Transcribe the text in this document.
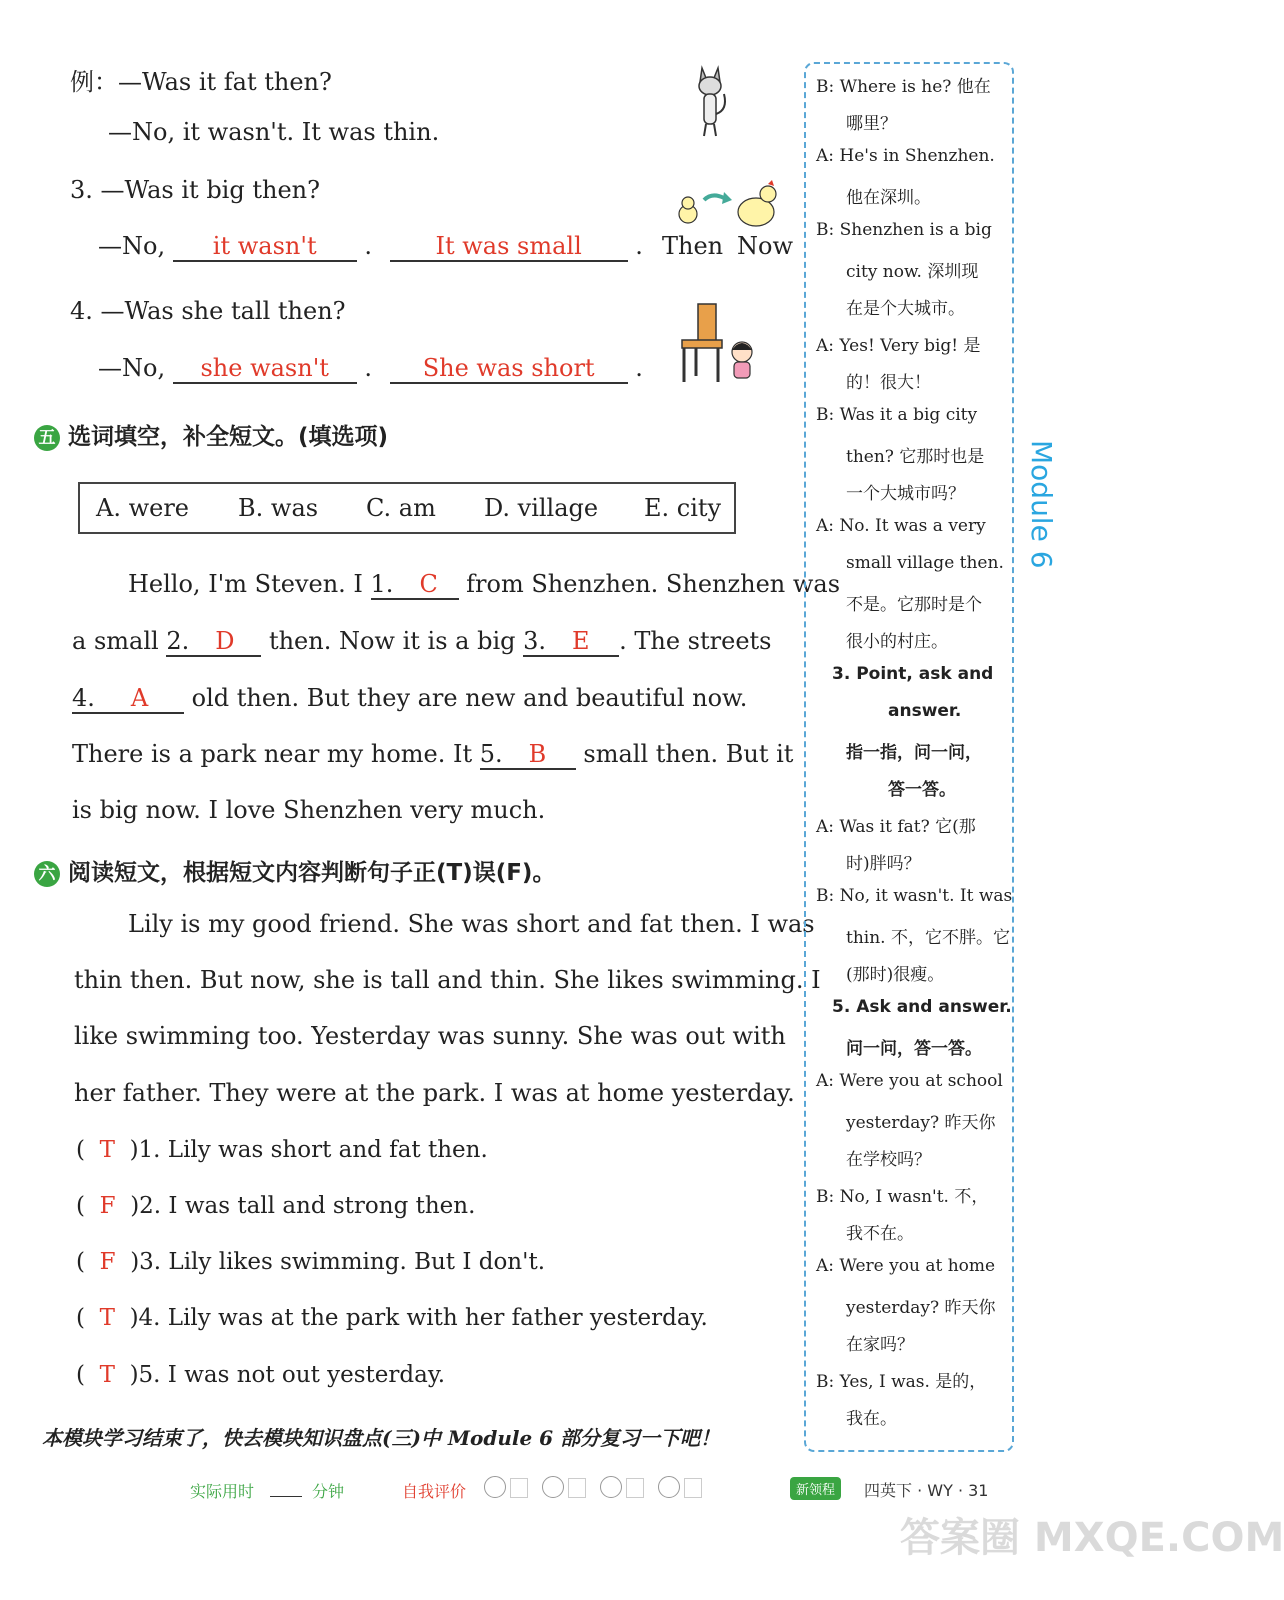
例：—Was it fat then?
—No, it wasn't. It was thin.
3. —Was it big then?
—No, it wasn't .	It was small . Then Now
4. —Was she tall then?
—No, she wasn't . She was short .
五 选词填空，补全短文。(填选项)
A. were B. was C. am D. village E. city
Hello, I'm Steven. I 1. C from Shenzhen. Shenzhen was
a small 2. D then. Now it is a big 3. E . The streets
4. A old then. But they are new and beautiful now.
There is a park near my home. It 5. B small then. But it
is big now. I love Shenzhen very much.
六 阅读短文，根据短文内容判断句子正(T)误(F)。
Lily is my good friend. She was short and fat then. I was
thin then. But now, she is tall and thin. She likes swimming. I
like swimming too. Yesterday was sunny. She was out with
her father. They were at the park. I was at home yesterday.
(  T )1. Lily was short and fat then.
(  F )2. I was tall and strong then.
(  F )3. Lily likes swimming. But I don't.
(  T )4. Lily was at the park with her father yesterday.
(  T )5. I was not out yesterday.
本模块学习结束了，快去模块知识盘点(三)中 Module 6 部分复习一下吧！
B: Where is he? 他在
哪里？
A: He's in Shenzhen.
他在深圳。
B: Shenzhen is a big
city now. 深圳现
在是个大城市。
A: Yes! Very big! 是
的！很大！
B: Was it a big city
then? 它那时也是
一个大城市吗？
A: No. It was a very
small village then.
不是。它那时是个
很小的村庄。
3. Point, ask and
answer.
指一指，问一问，
答一答。
A: Was it fat? 它(那
时)胖吗？
B: No, it wasn't. It was
thin. 不，它不胖。它
(那时)很瘦。
5. Ask and answer.
问一问，答一答。
A: Were you at school
yesterday? 昨天你
在学校吗？
B: No, I wasn't. 不，
我不在。
A: Were you at home
yesterday? 昨天你
在家吗？
B: Yes, I was. 是的，
我在。
Module 6
实际用时	分钟	自我评价	新领程	四英下 · WY · 31
答案圈 MXQE.COM
